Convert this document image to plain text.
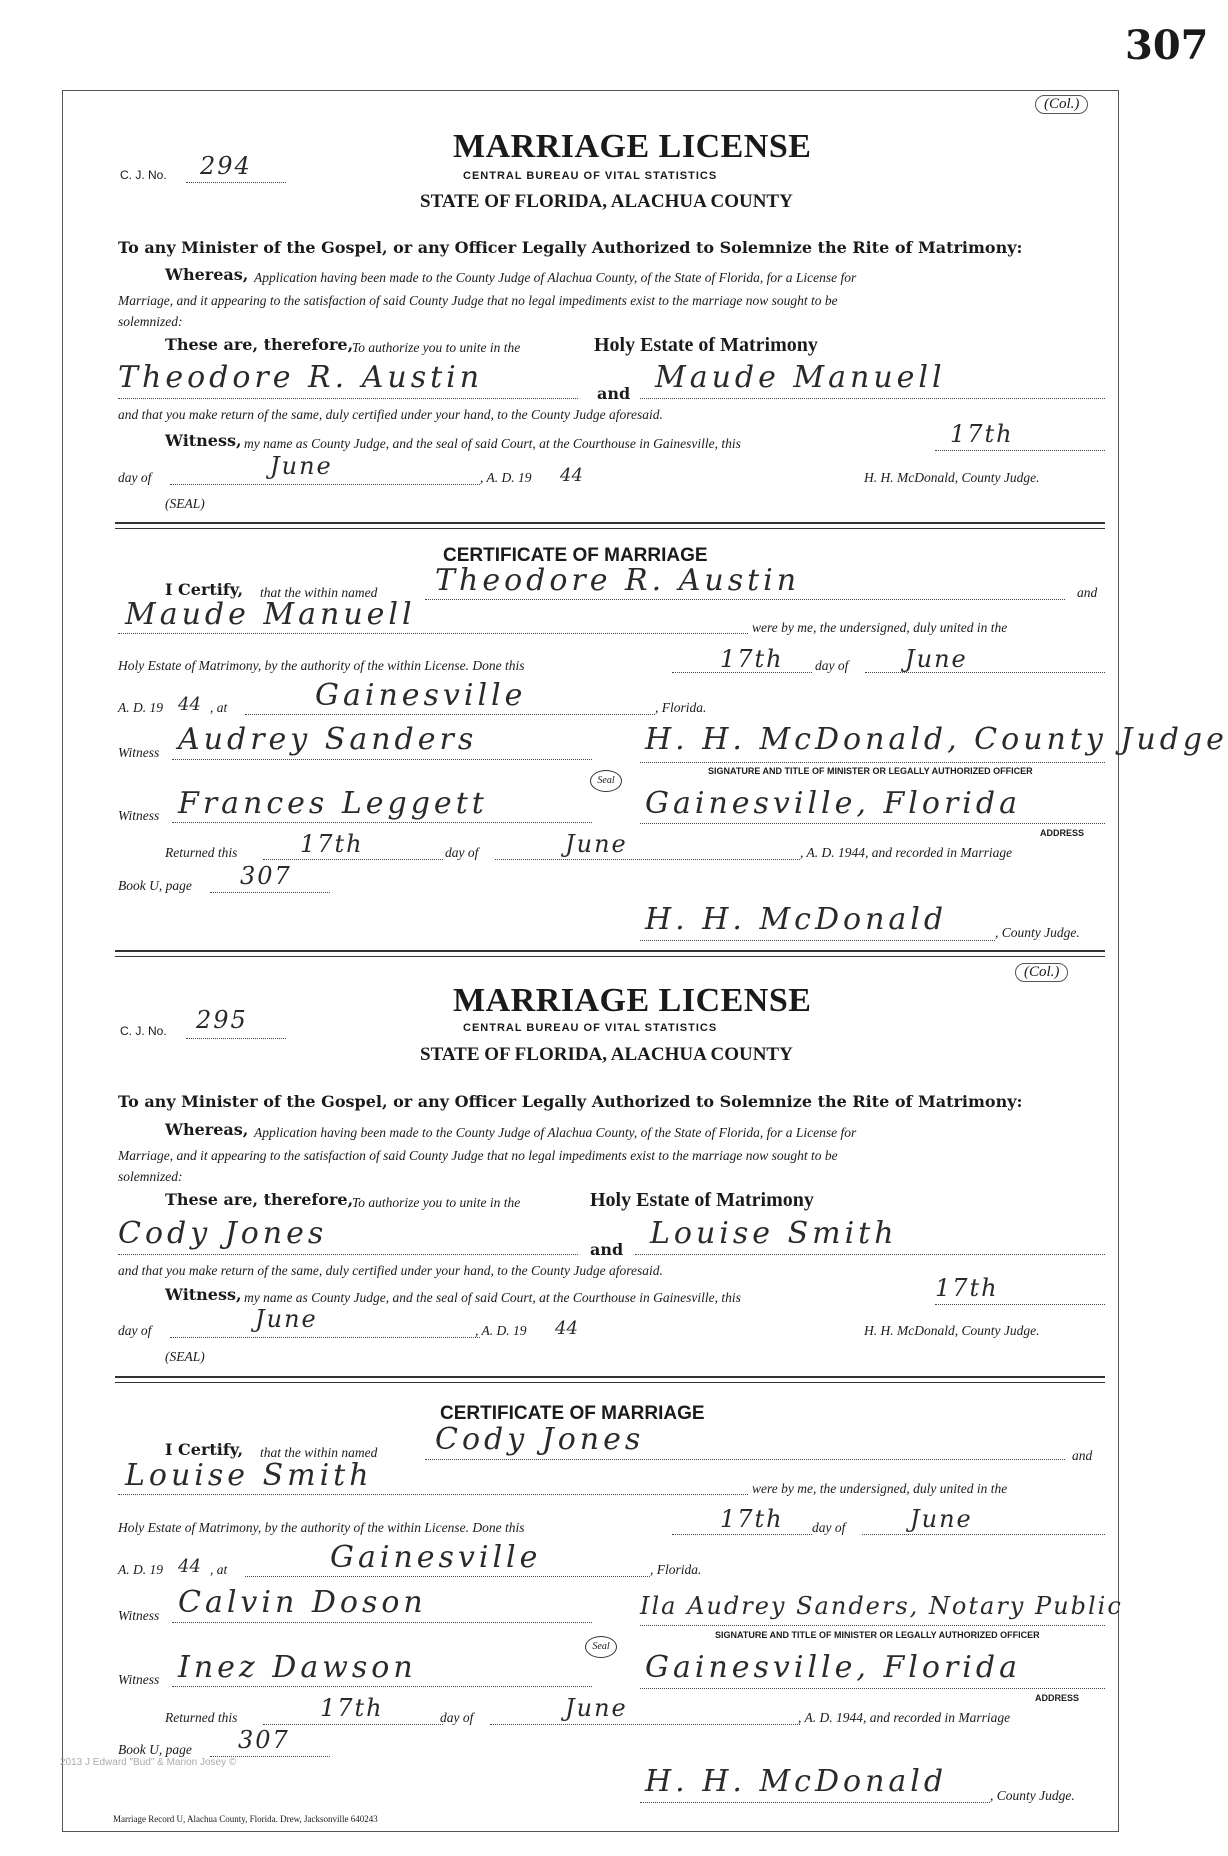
307
(Col.)
C. J. No. 294
MARRIAGE LICENSE
CENTRAL BUREAU OF VITAL STATISTICS
STATE OF FLORIDA, ALACHUA COUNTY
To any Minister of the Gospel, or any Officer Legally Authorized to Solemnize the Rite of Matrimony:
Whereas, Application having been made to the County Judge of Alachua County, of the State of Florida, for a License for
Marriage, and it appearing to the satisfaction of said County Judge that no legal impediments exist to the marriage now sought to be
solemnized:
These are, therefore,
To authorize you to unite in the	Holy Estate of Matrimony
Theodore R. Austin	and Maude Manuell
and that you make return of the same, duly certified under your hand, to the County Judge aforesaid.
Witness, my name as County Judge, and the seal of said Court, at the Courthouse in Gainesville, this	17th
day of	June	, A. D. 19 44	H. H. McDonald, County Judge.
(SEAL)
CERTIFICATE OF MARRIAGE
I Certify, that the within named Theodore R. Austin	and
Maude Manuell	were by me, the undersigned, duly united in the
Holy Estate of Matrimony, by the authority of the within License. Done this	17th day of June
A. D. 19 44 , at	Gainesville	, Florida.
Witness Audrey Sanders	H. H. McDonald, County Judge
SIGNATURE AND TITLE OF MINISTER OR LEGALLY AUTHORIZED OFFICER
Seal
Witness Frances Leggett	Gainesville, Florida
ADDRESS
Returned this	17th	day of	June	, A. D. 1944, and recorded in Marriage
Book U, page 307
H. H. McDonald	, County Judge.
(Col.)
C. J. No. 295
MARRIAGE LICENSE
CENTRAL BUREAU OF VITAL STATISTICS
STATE OF FLORIDA, ALACHUA COUNTY
To any Minister of the Gospel, or any Officer Legally Authorized to Solemnize the Rite of Matrimony:
Whereas, Application having been made to the County Judge of Alachua County, of the State of Florida, for a License for
Marriage, and it appearing to the satisfaction of said County Judge that no legal impediments exist to the marriage now sought to be
solemnized:
These are, therefore,
To authorize you to unite in the	Holy Estate of Matrimony
Cody Jones	and Louise Smith
and that you make return of the same, duly certified under your hand, to the County Judge aforesaid.
Witness, my name as County Judge, and the seal of said Court, at the Courthouse in Gainesville, this	17th
day of	June	, A. D. 19 44	H. H. McDonald, County Judge.
(SEAL)
CERTIFICATE OF MARRIAGE
I Certify, that the within named Cody Jones	and
Louise Smith	were by me, the undersigned, duly united in the
Holy Estate of Matrimony, by the authority of the within License. Done this	17th day of	June
A. D. 19 44 , at	Gainesville	, Florida.
Witness Calvin Doson	Ila Audrey Sanders, Notary Public
SIGNATURE AND TITLE OF MINISTER OR LEGALLY AUTHORIZED OFFICER
Seal
Witness Inez Dawson	Gainesville, Florida
ADDRESS
Returned this	17th	day of	June	, A. D. 1944, and recorded in Marriage
Book U, page 307
2013 J Edward "Bud" & Marion Josey ©
H. H. McDonald	, County Judge.
Marriage Record U, Alachua County, Florida. Drew, Jacksonville 640243
